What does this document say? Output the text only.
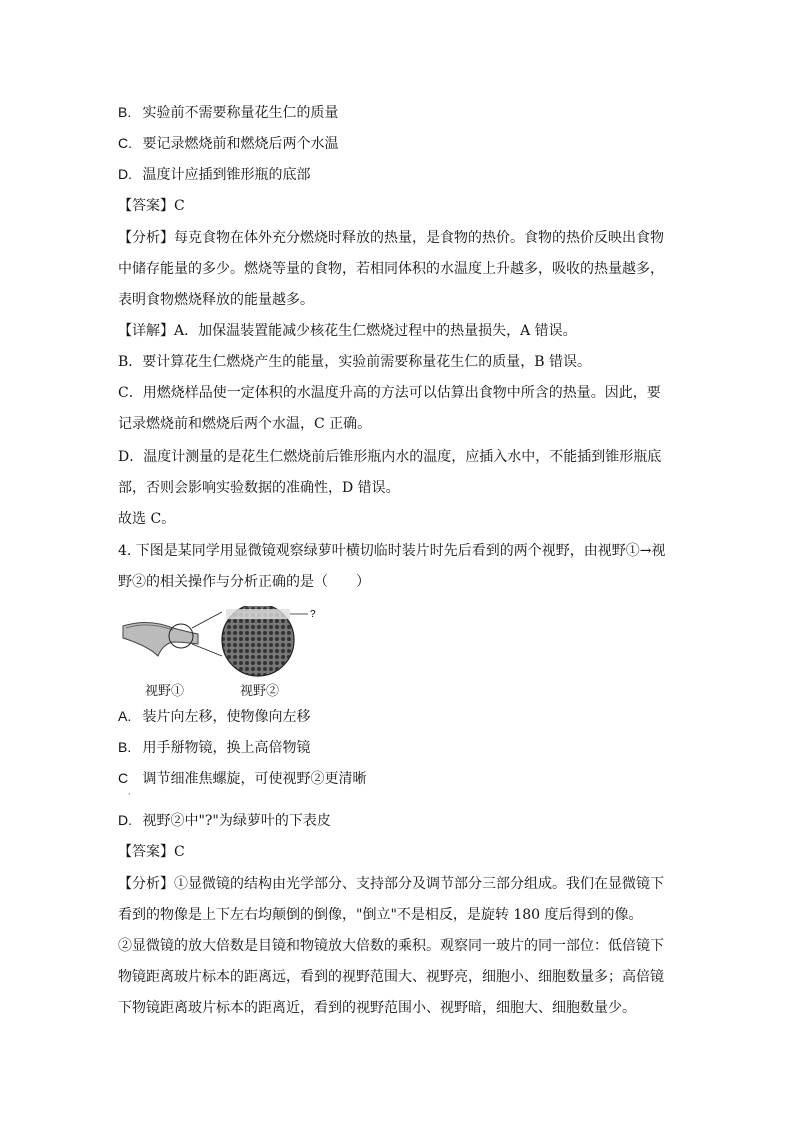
B. 实验前不需要称量花生仁的质量
C. 要记录燃烧前和燃烧后两个水温
D. 温度计应插到锥形瓶的底部
【答案】C
【分析】每克食物在体外充分燃烧时释放的热量，是食物的热价。食物的热价反映出食物
中储存能量的多少。燃烧等量的食物，若相同体积的水温度上升越多，吸收的热量越多，
表明食物燃烧释放的能量越多。
【详解】A．加保温装置能减少核花生仁燃烧过程中的热量损失，A 错误。
B．要计算花生仁燃烧产生的能量，实验前需要称量花生仁的质量，B 错误。
C．用燃烧样品使一定体积的水温度升高的方法可以估算出食物中所含的热量。因此，要
记录燃烧前和燃烧后两个水温，C 正确。
D．温度计测量的是花生仁燃烧前后锥形瓶内水的温度，应插入水中，不能插到锥形瓶底
部，否则会影响实验数据的准确性，D 错误。
故选 C。
4. 下图是某同学用显微镜观察绿萝叶横切临时装片时先后看到的两个视野，由视野①→视
野②的相关操作与分析正确的是（　　）
?
视野①	视野②
A. 装片向左移，使物像向左移
B. 用手掰物镜，换上高倍物镜
C 调节细准焦螺旋，可使视野②更清晰
·
D. 视野②中"?"为绿萝叶的下表皮
【答案】C
【分析】①显微镜的结构由光学部分、支持部分及调节部分三部分组成。我们在显微镜下
看到的物像是上下左右均颠倒的倒像，"倒立"不是相反，是旋转 180 度后得到的像。
②显微镜的放大倍数是目镜和物镜放大倍数的乘积。观察同一玻片的同一部位：低倍镜下
物镜距离玻片标本的距离远，看到的视野范围大、视野亮，细胞小、细胞数量多；高倍镜
下物镜距离玻片标本的距离近，看到的视野范围小、视野暗，细胞大、细胞数量少。
